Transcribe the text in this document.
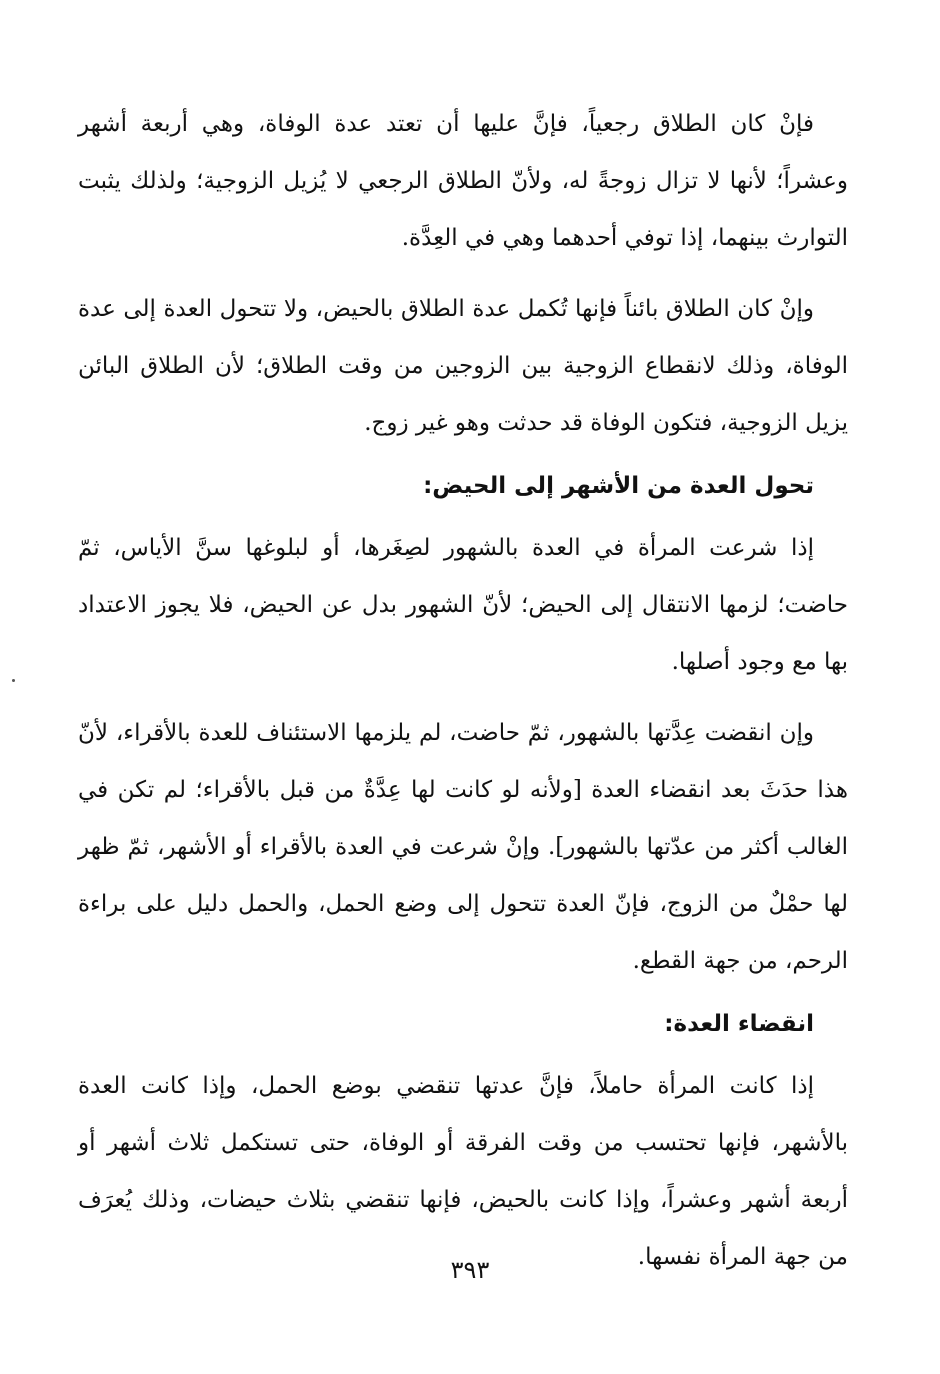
فإنْ كان الطلاق رجعياً، فإنَّ عليها أن تعتد عدة الوفاة، وهي أربعة أشهر وعشراً؛ لأنها لا تزال زوجةً له، ولأنّ الطلاق الرجعي لا يُزيل الزوجية؛ ولذلك يثبت التوارث بينهما، إذا توفي أحدهما وهي في العِدَّة.

وإنْ كان الطلاق بائناً فإنها تُكمل عدة الطلاق بالحيض، ولا تتحول العدة إلى عدة الوفاة، وذلك لانقطاع الزوجية بين الزوجين من وقت الطلاق؛ لأن الطلاق البائن يزيل الزوجية، فتكون الوفاة قد حدثت وهو غير زوج.

تحول العدة من الأشهر إلى الحيض:

إذا شرعت المرأة في العدة بالشهور لصِغَرها، أو لبلوغها سنَّ الأياس، ثمّ حاضت؛ لزمها الانتقال إلى الحيض؛ لأنّ الشهور بدل عن الحيض، فلا يجوز الاعتداد بها مع وجود أصلها.

وإن انقضت عِدَّتها بالشهور، ثمّ حاضت، لم يلزمها الاستئناف للعدة بالأقراء، لأنّ هذا حدَثَ بعد انقضاء العدة [ولأنه لو كانت لها عِدَّةٌ من قبل بالأقراء؛ لم تكن في الغالب أكثر من عدّتها بالشهور]. وإنْ شرعت في العدة بالأقراء أو الأشهر، ثمّ ظهر لها حمْلٌ من الزوج، فإنّ العدة تتحول إلى وضع الحمل، والحمل دليل على براءة الرحم، من جهة القطع.

انقضاء العدة:

إذا كانت المرأة حاملاً، فإنَّ عدتها تنقضي بوضع الحمل، وإذا كانت العدة بالأشهر، فإنها تحتسب من وقت الفرقة أو الوفاة، حتى تستكمل ثلاث أشهر أو أربعة أشهر وعشراً، وإذا كانت بالحيض، فإنها تنقضي بثلاث حيضات، وذلك يُعرَف من جهة المرأة نفسها.

٣٩٣
